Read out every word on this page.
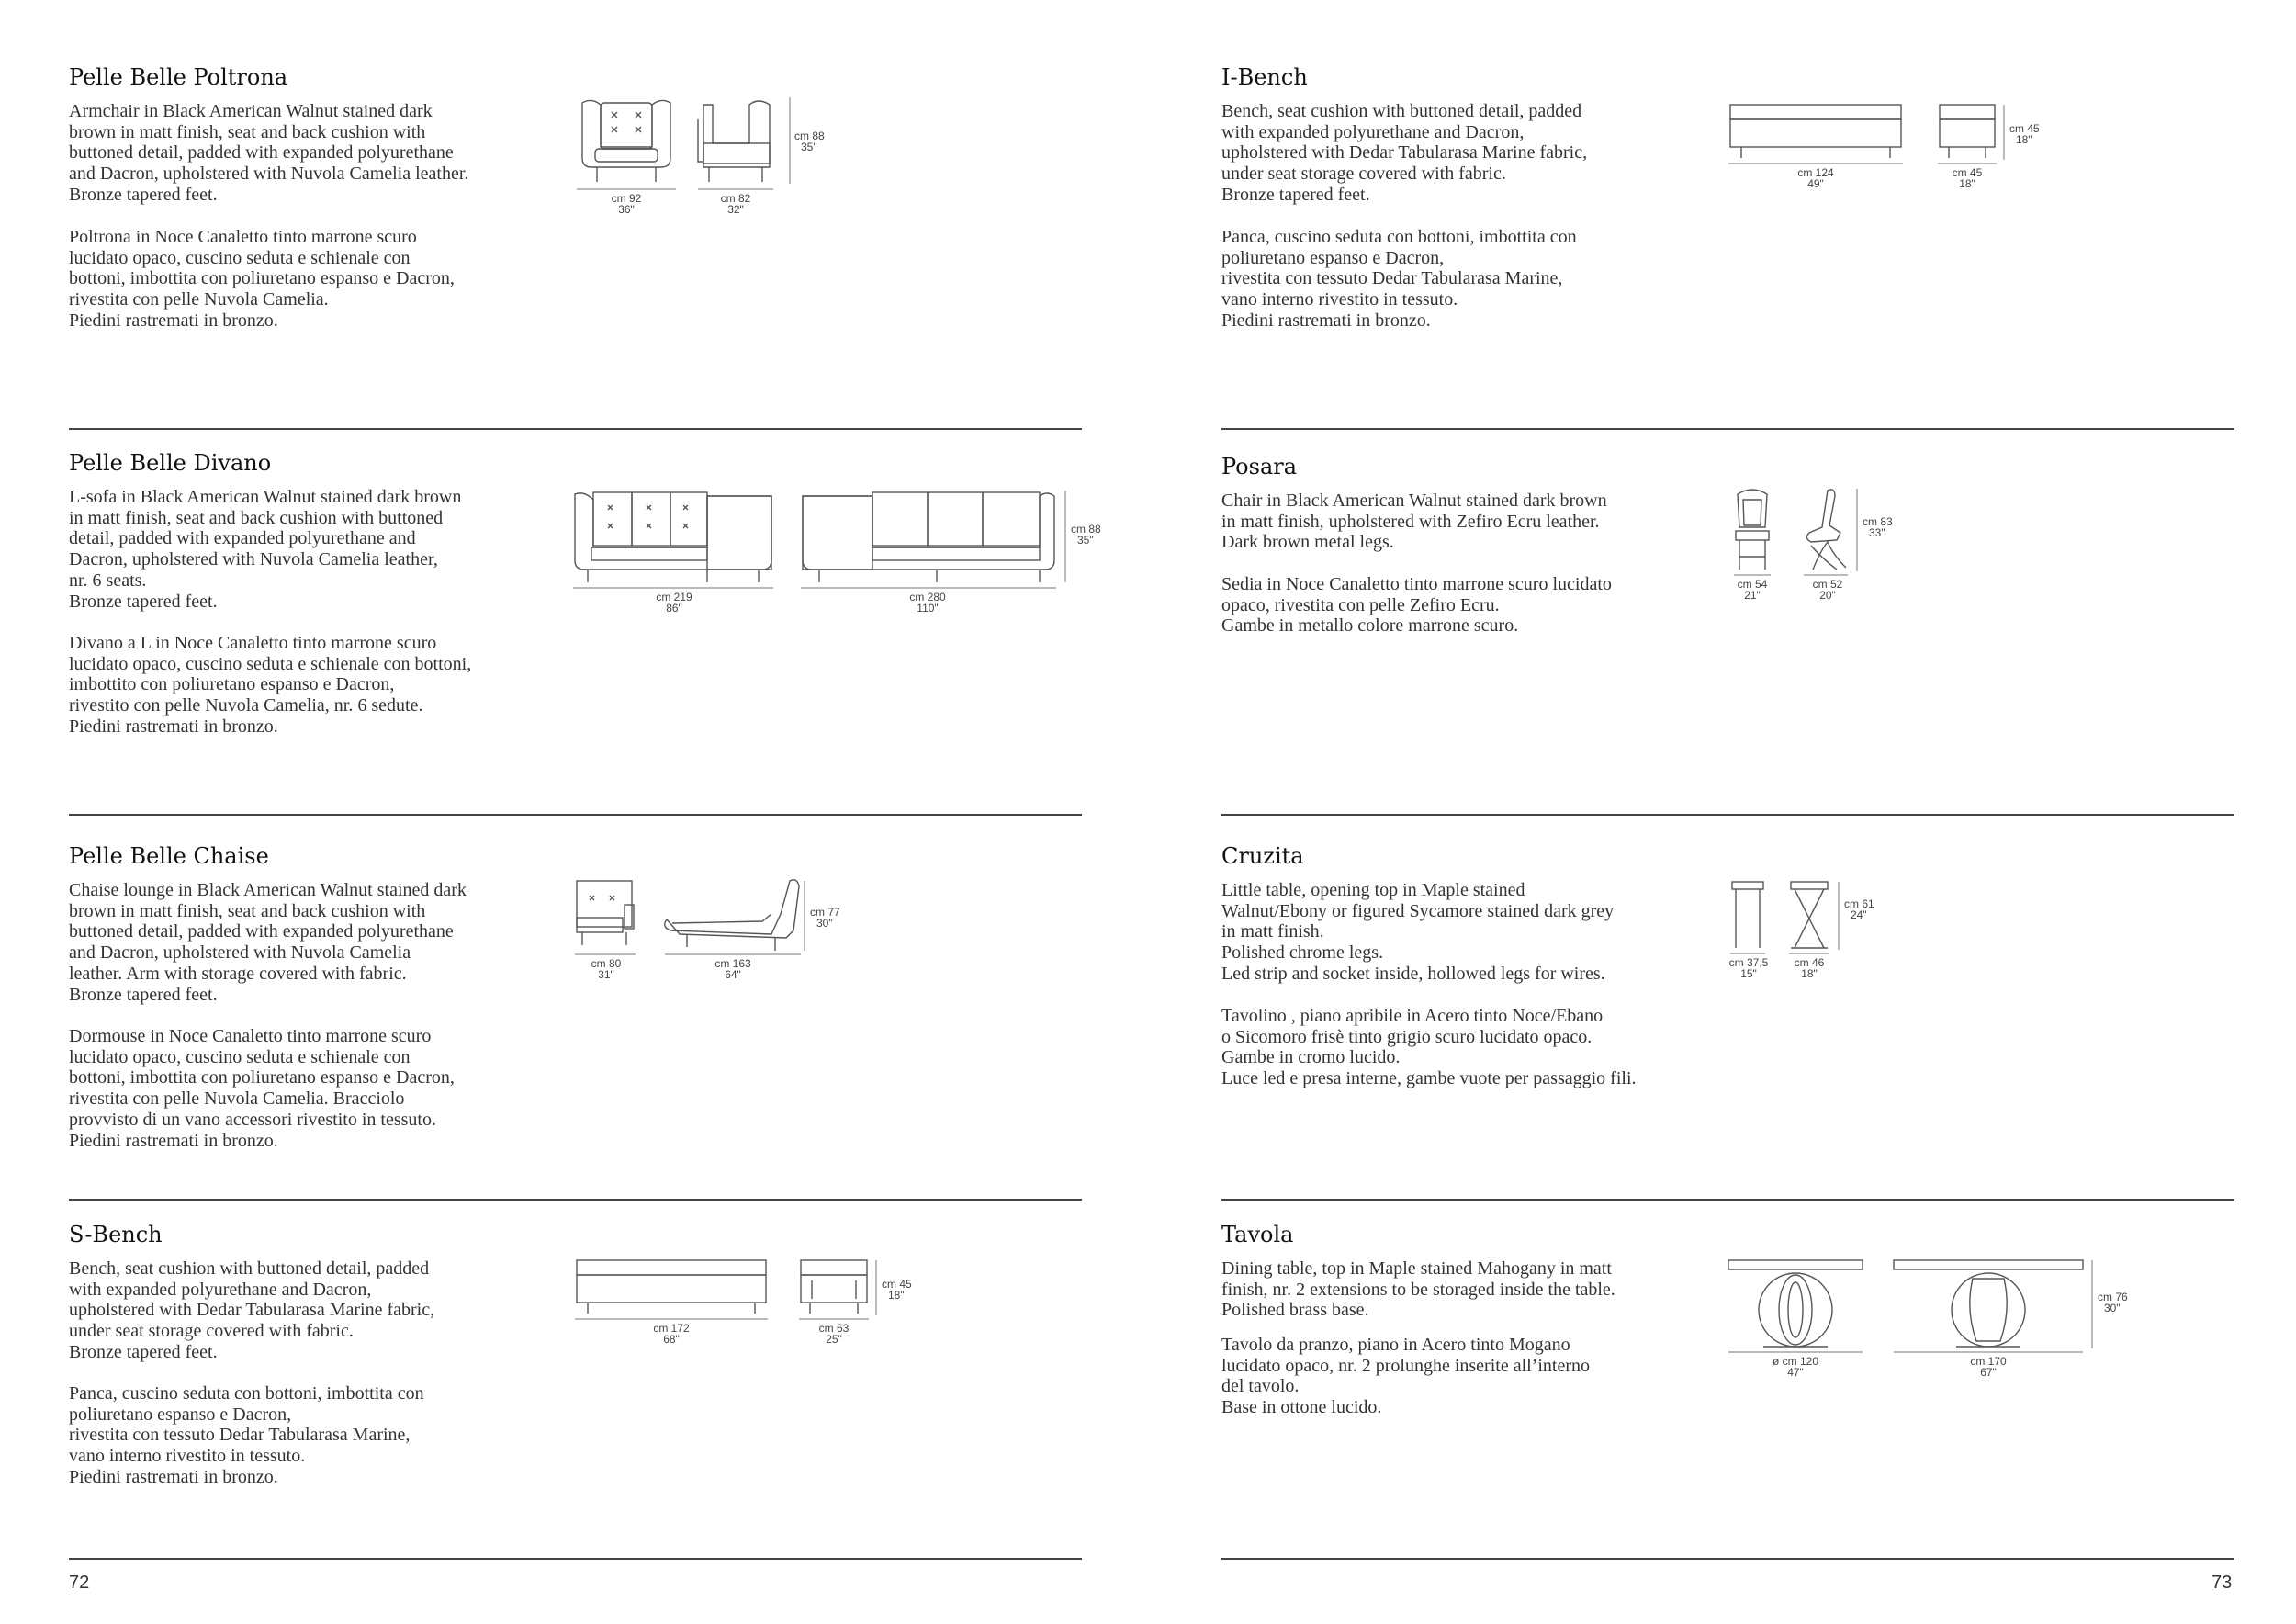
Pelle Belle Poltrona
Armchair in Black American Walnut stained dark
brown in matt finish, seat and back cushion with
buttoned detail, padded with expanded polyurethane
and Dacron, upholstered with Nuvola Camelia leather.
Bronze tapered feet.
Poltrona in Noce Canaletto tinto marrone scuro
lucidato opaco, cuscino seduta e schienale con
bottoni, imbottita con poliuretano espanso e Dacron,
rivestita con pelle Nuvola Camelia.
Piedini rastremati in bronzo.
cm 92
36"
cm 82
32"
cm 88
35"
Pelle Belle Divano
L-sofa in Black American Walnut stained dark brown
in matt finish, seat and back cushion with buttoned
detail, padded with expanded polyurethane and
Dacron, upholstered with Nuvola Camelia leather,
nr. 6 seats.
Bronze tapered feet.
Divano a L in Noce Canaletto tinto marrone scuro
lucidato opaco, cuscino seduta e schienale con bottoni,
imbottito con poliuretano espanso e Dacron,
rivestito con pelle Nuvola Camelia, nr. 6 sedute.
Piedini rastremati in bronzo.
cm 219
86"
cm 280
110"
cm 88
35"
Pelle Belle Chaise
Chaise lounge in Black American Walnut stained dark
brown in matt finish, seat and back cushion with
buttoned detail, padded with expanded polyurethane
and Dacron, upholstered with Nuvola Camelia
leather. Arm with storage covered with fabric.
Bronze tapered feet.
Dormouse in Noce Canaletto tinto marrone scuro
lucidato opaco, cuscino seduta e schienale con
bottoni, imbottita con poliuretano espanso e Dacron,
rivestita con pelle Nuvola Camelia. Bracciolo
provvisto di un vano accessori rivestito in tessuto.
Piedini rastremati in bronzo.
cm 80
31"
cm 163
64"
cm 77
30"
S-Bench
Bench, seat cushion with buttoned detail, padded
with expanded polyurethane and Dacron,
upholstered with Dedar Tabularasa Marine fabric,
under seat storage covered with fabric.
Bronze tapered feet.
Panca, cuscino seduta con bottoni, imbottita con
poliuretano espanso e Dacron,
rivestita con tessuto Dedar Tabularasa Marine,
vano interno rivestito in tessuto.
Piedini rastremati in bronzo.
cm 172
68"
cm 63
25"
cm 45
18"
72
I-Bench
Bench, seat cushion with buttoned detail, padded
with expanded polyurethane and Dacron,
upholstered with Dedar Tabularasa Marine fabric,
under seat storage covered with fabric.
Bronze tapered feet.
Panca, cuscino seduta con bottoni, imbottita con
poliuretano espanso e Dacron,
rivestita con tessuto Dedar Tabularasa Marine,
vano interno rivestito in tessuto.
Piedini rastremati in bronzo.
cm 124
49"
cm 45
18"
cm 45
18"
Posara
Chair in Black American Walnut stained dark brown
in matt finish, upholstered with Zefiro Ecru leather.
Dark brown metal legs.
Sedia in Noce Canaletto tinto marrone scuro lucidato
opaco, rivestita con pelle Zefiro Ecru.
Gambe in metallo colore marrone scuro.
cm 54
21"
cm 52
20"
cm 83
33"
Cruzita
Little table, opening top in Maple stained
Walnut/Ebony or figured Sycamore stained dark grey
in matt finish.
Polished chrome legs.
Led strip and socket inside, hollowed legs for wires.
Tavolino , piano apribile in Acero tinto Noce/Ebano
o Sicomoro frisè tinto grigio scuro lucidato opaco.
Gambe in cromo lucido.
Luce led e presa interne, gambe vuote per passaggio fili.
cm 37,5
15"
cm 46
18"
cm 61
24"
Tavola
Dining table, top in Maple stained Mahogany in matt
finish, nr. 2 extensions to be storaged inside the table.
Polished brass base.
Tavolo da pranzo, piano in Acero tinto Mogano
lucidato opaco, nr. 2 prolunghe inserite all’interno
del tavolo.
Base in ottone lucido.
ø cm 120
47"
cm 170
67"
cm 76
30"
73
